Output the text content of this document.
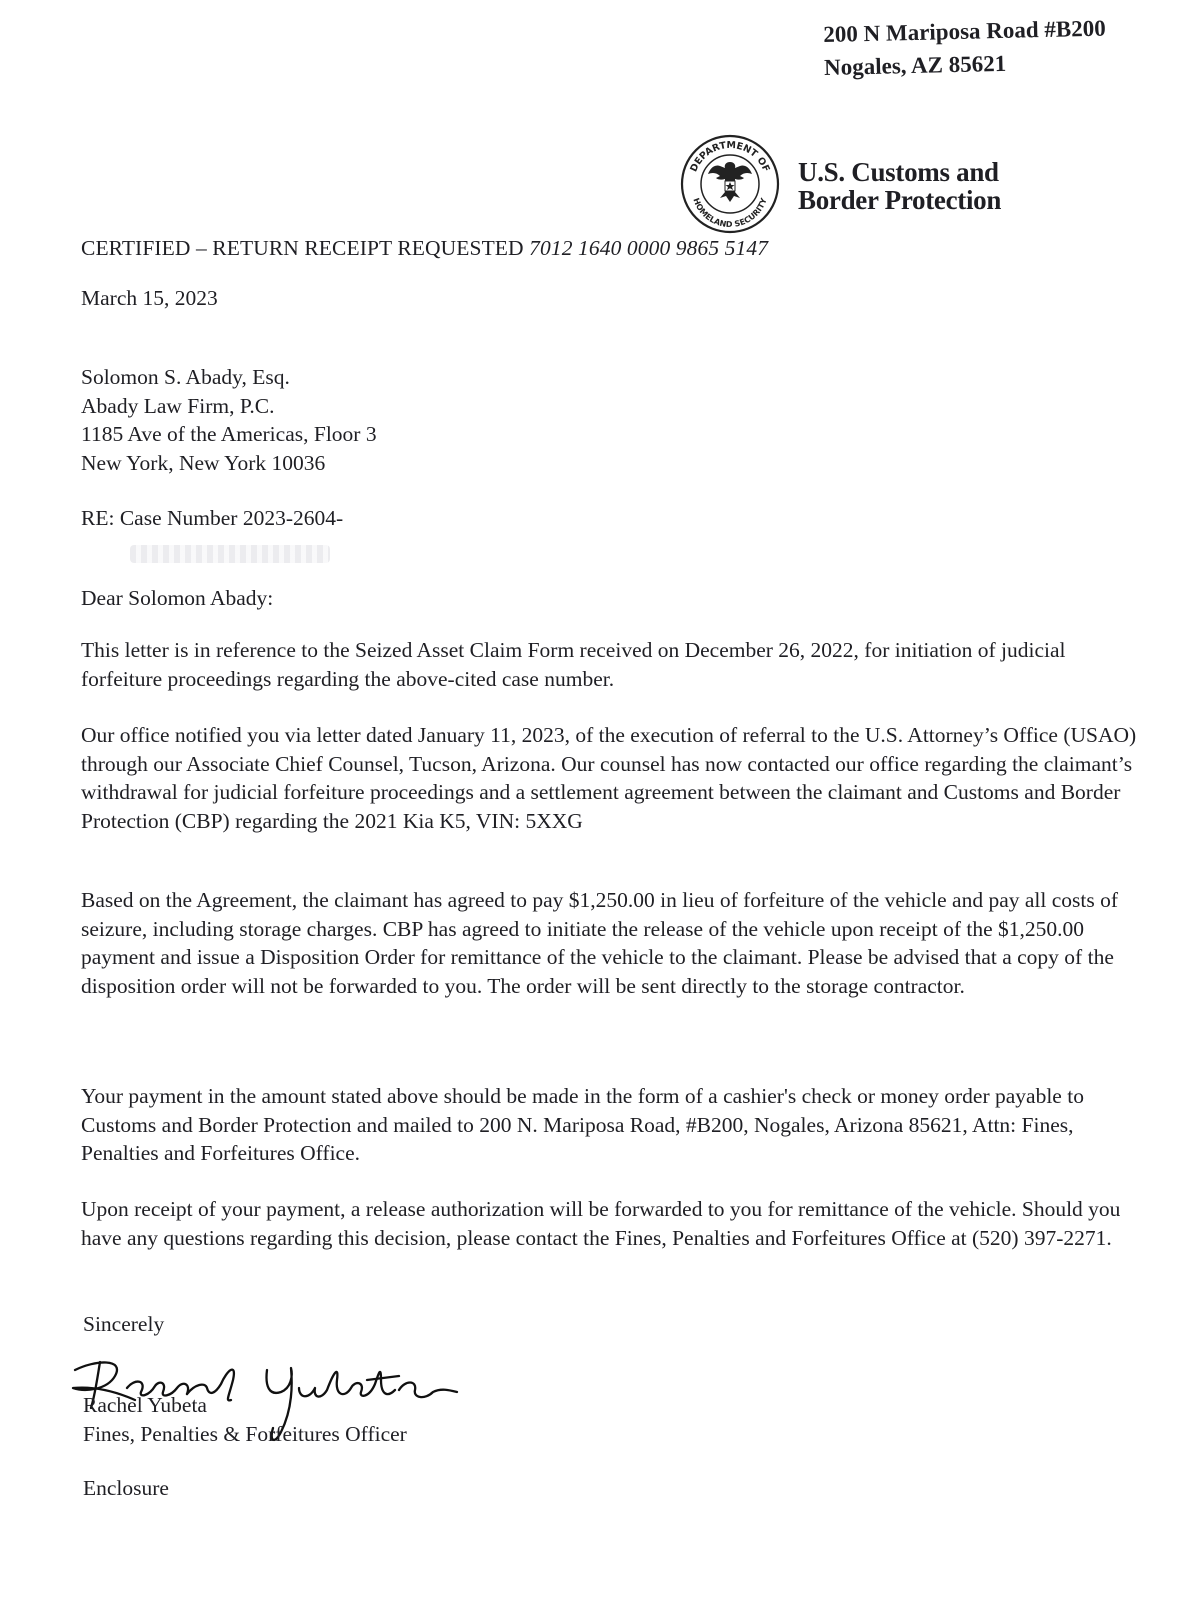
200 N Mariposa Road #B200
Nogales, AZ 85621
DEPARTMENT OF
HOMELAND SECURITY
U.S. Customs and
Border Protection
CERTIFIED – RETURN RECEIPT REQUESTED 7012 1640 0000 9865 5147
March 15, 2023
Solomon S. Abady, Esq.
Abady Law Firm, P.C.
1185 Ave of the Americas, Floor 3
New York, New York 10036
RE: Case Number 2023-2604-
Dear Solomon Abady:
This letter is in reference to the Seized Asset Claim Form received on December 26, 2022, for initiation of judicial forfeiture proceedings regarding the above-cited case number.
Our office notified you via letter dated January 11, 2023, of the execution of referral to the U.S. Attorney’s Office (USAO) through our Associate Chief Counsel, Tucson, Arizona. Our counsel has now contacted our office regarding the claimant’s withdrawal for judicial forfeiture proceedings and a settlement agreement between the claimant and Customs and Border Protection (CBP) regarding the 2021 Kia K5, VIN: 5XXG
Based on the Agreement, the claimant has agreed to pay $1,250.00 in lieu of forfeiture of the vehicle and pay all costs of seizure, including storage charges. CBP has agreed to initiate the release of the vehicle upon receipt of the $1,250.00 payment and issue a Disposition Order for remittance of the vehicle to the claimant. Please be advised that a copy of the disposition order will not be forwarded to you. The order will be sent directly to the storage contractor.
Your payment in the amount stated above should be made in the form of a cashier's check or money order payable to Customs and Border Protection and mailed to 200 N. Mariposa Road, #B200, Nogales, Arizona 85621, Attn: Fines, Penalties and Forfeitures Office.
Upon receipt of your payment, a release authorization will be forwarded to you for remittance of the vehicle. Should you have any questions regarding this decision, please contact the Fines, Penalties and Forfeitures Office at (520) 397-2271.
Sincerely
Rachel Yubeta
Fines, Penalties & Forfeitures Officer
Enclosure
